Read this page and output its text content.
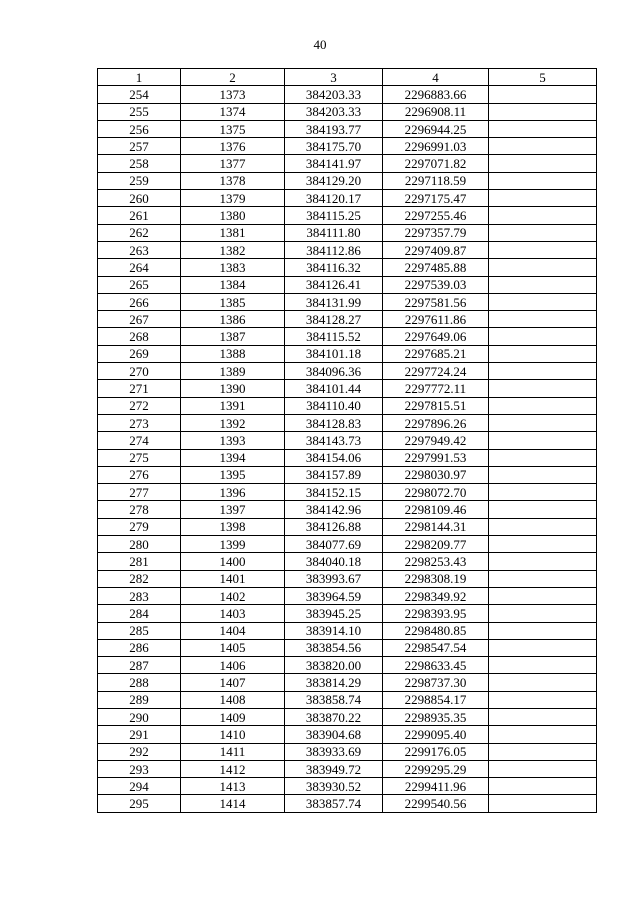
40
1	2	3	4	5
254	1373	384203.33	2296883.66	
255	1374	384203.33	2296908.11	
256	1375	384193.77	2296944.25	
257	1376	384175.70	2296991.03	
258	1377	384141.97	2297071.82	
259	1378	384129.20	2297118.59	
260	1379	384120.17	2297175.47	
261	1380	384115.25	2297255.46	
262	1381	384111.80	2297357.79	
263	1382	384112.86	2297409.87	
264	1383	384116.32	2297485.88	
265	1384	384126.41	2297539.03	
266	1385	384131.99	2297581.56	
267	1386	384128.27	2297611.86	
268	1387	384115.52	2297649.06	
269	1388	384101.18	2297685.21	
270	1389	384096.36	2297724.24	
271	1390	384101.44	2297772.11	
272	1391	384110.40	2297815.51	
273	1392	384128.83	2297896.26	
274	1393	384143.73	2297949.42	
275	1394	384154.06	2297991.53	
276	1395	384157.89	2298030.97	
277	1396	384152.15	2298072.70	
278	1397	384142.96	2298109.46	
279	1398	384126.88	2298144.31	
280	1399	384077.69	2298209.77	
281	1400	384040.18	2298253.43	
282	1401	383993.67	2298308.19	
283	1402	383964.59	2298349.92	
284	1403	383945.25	2298393.95	
285	1404	383914.10	2298480.85	
286	1405	383854.56	2298547.54	
287	1406	383820.00	2298633.45	
288	1407	383814.29	2298737.30	
289	1408	383858.74	2298854.17	
290	1409	383870.22	2298935.35	
291	1410	383904.68	2299095.40	
292	1411	383933.69	2299176.05	
293	1412	383949.72	2299295.29	
294	1413	383930.52	2299411.96	
295	1414	383857.74	2299540.56	
